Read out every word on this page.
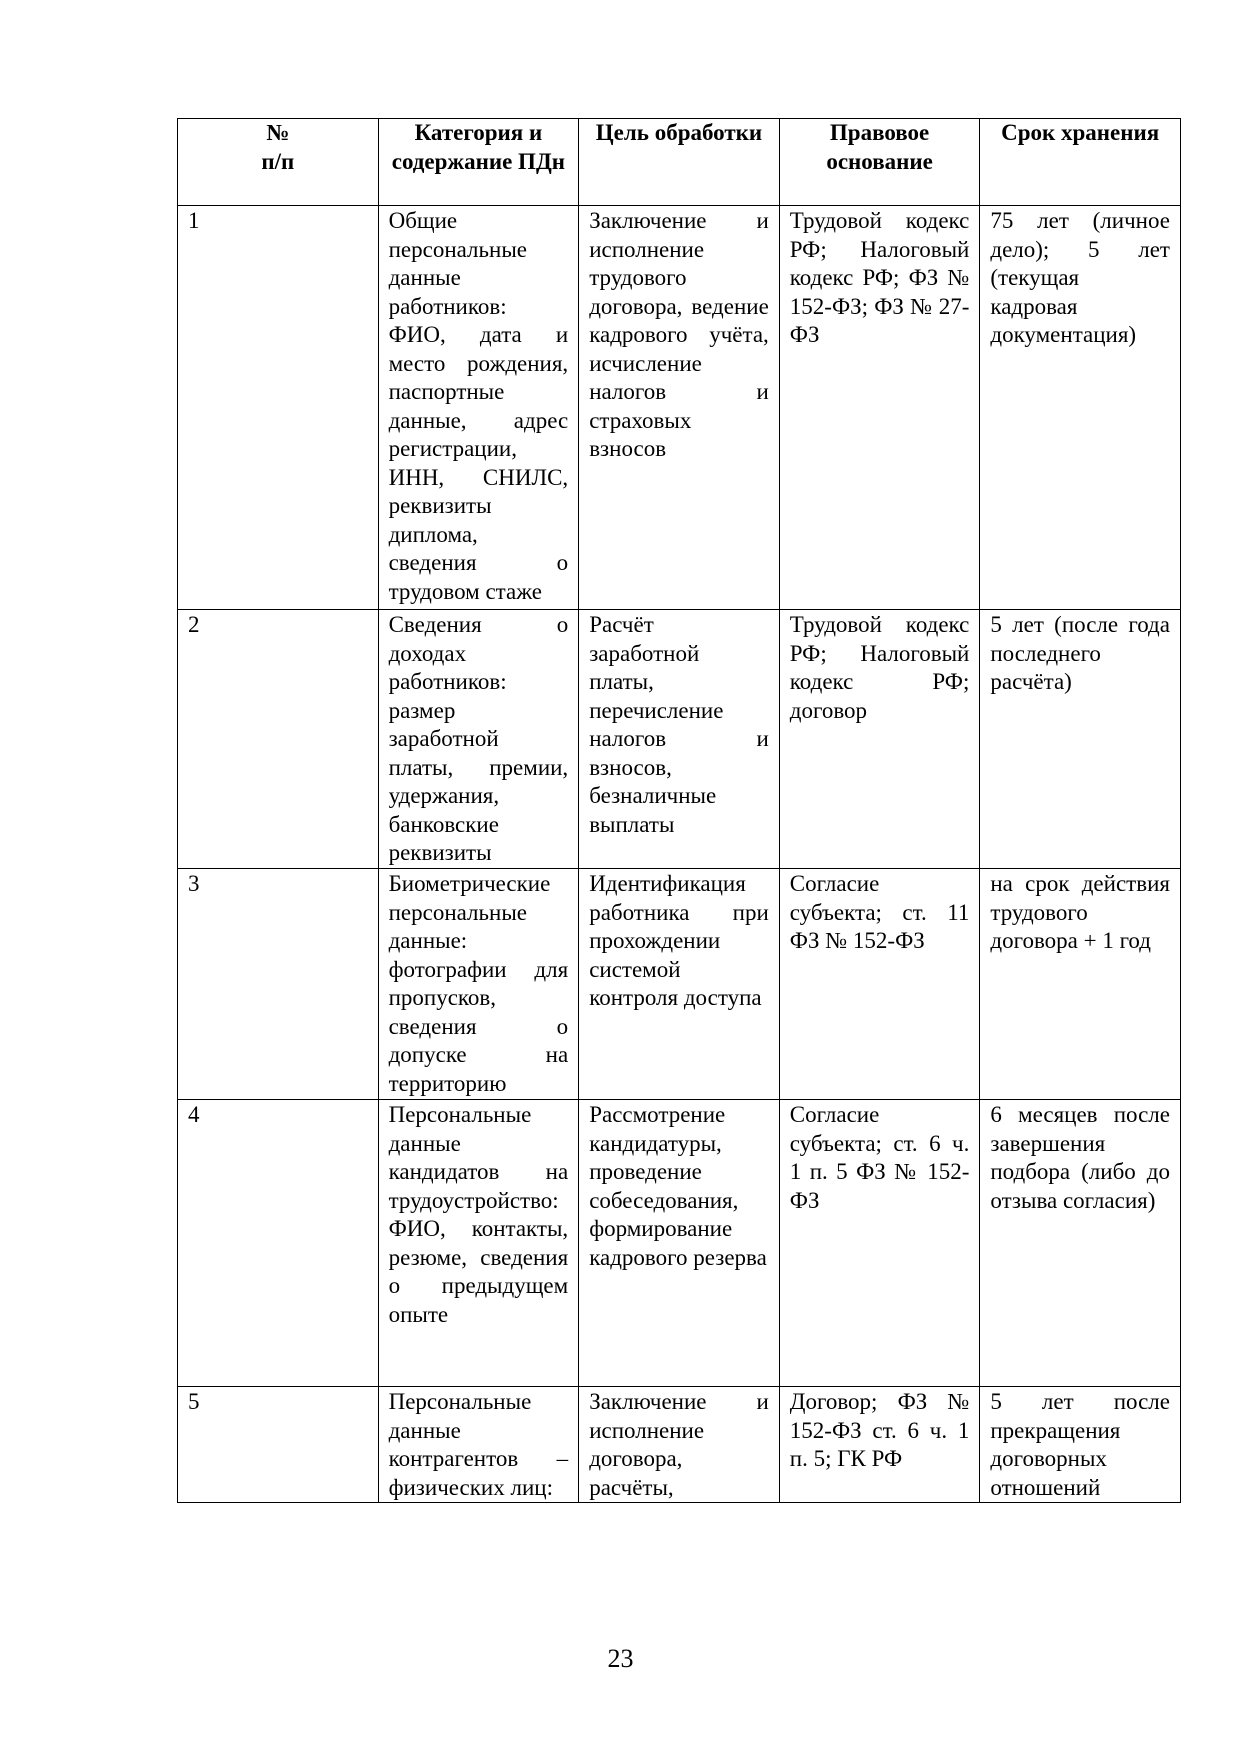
№
п/п	Категория и содержание ПДн	Цель обработки	Правовое основание	Срок хранения
1	Общие персональные данные работников: ФИО, дата и место рождения, паспортные данные, адрес регистрации, ИНН, СНИЛС, реквизиты диплома, сведения о трудовом стаже	Заключение и исполнение трудового договора, ведение кадрового учёта, исчисление налогов и страховых взносов	Трудовой кодекс РФ; Налоговый кодекс РФ; ФЗ № 152-ФЗ; ФЗ № 27-ФЗ	75 лет (личное дело); 5 лет (текущая кадровая документация)
2	Сведения о доходах работников: размер заработной платы, премии, удержания, банковские реквизиты	Расчёт заработной платы, перечисление налогов и взносов, безналичные выплаты	Трудовой кодекс РФ; Налоговый кодекс РФ; договор	5 лет (после года последнего расчёта)
3	Биометрические персональные данные: фотографии для пропусков, сведения о допуске на территорию	Идентификация работника при прохождении системой контроля доступа	Согласие субъекта; ст. 11 ФЗ № 152-ФЗ	на срок действия трудового договора + 1 год
4	Персональные данные кандидатов на трудоустройство: ФИО, контакты, резюме, сведения о предыдущем опыте	Рассмотрение кандидатуры, проведение собеседования, формирование кадрового резерва	Согласие субъекта; ст. 6 ч. 1 п. 5 ФЗ № 152-ФЗ	6 месяцев после завершения подбора (либо до отзыва согласия)
5	Персональные данные контрагентов – физических лиц:	Заключение и исполнение договора, расчёты,	Договор; ФЗ № 152-ФЗ ст. 6 ч. 1 п. 5; ГК РФ	5 лет после прекращения договорных отношений
23
